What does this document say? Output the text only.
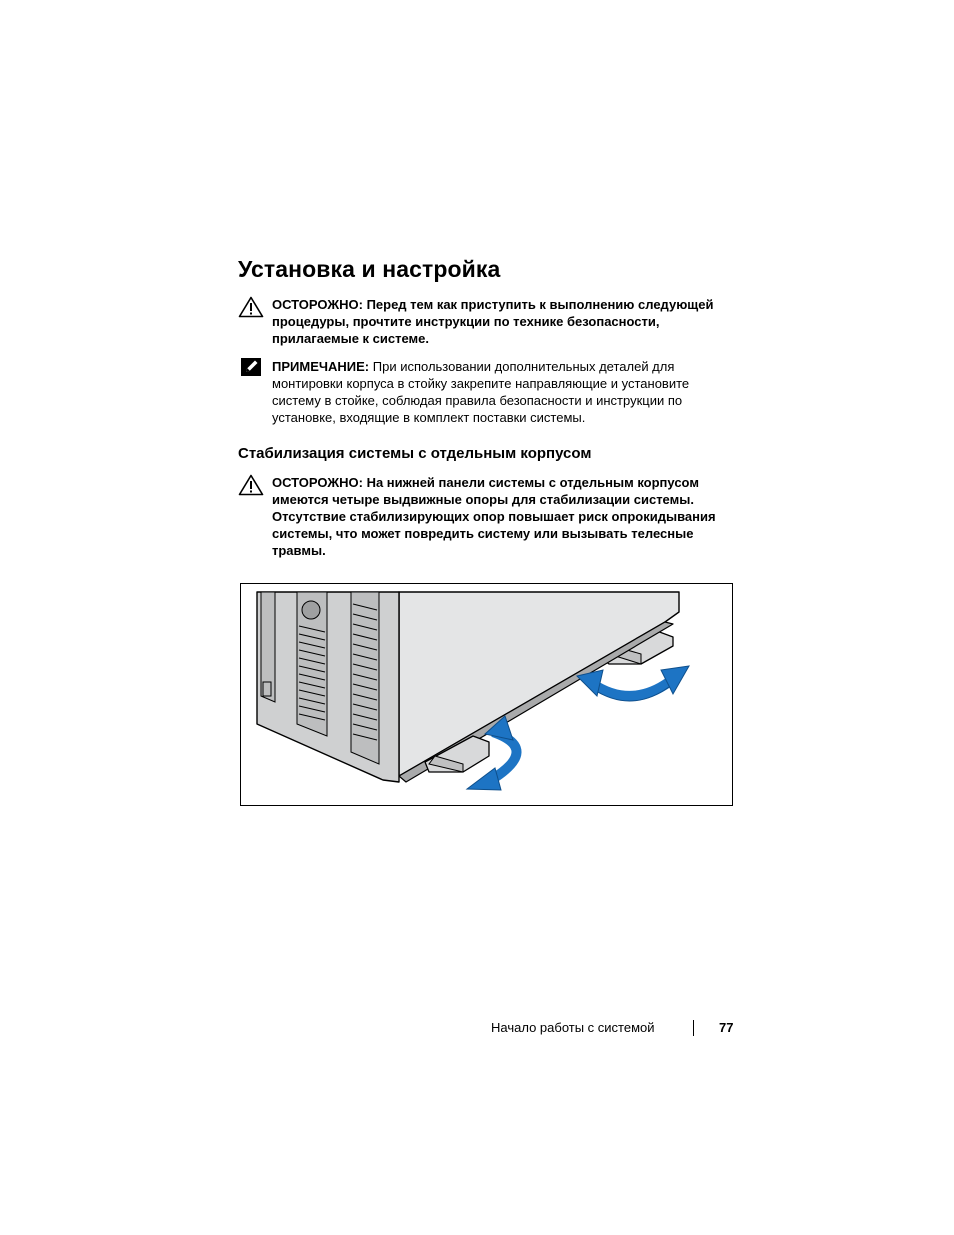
Установка и настройка
ОСТОРОЖНО: Перед тем как приступить к выполнению следующей процедуры, прочтите инструкции по технике безопасности, прилагаемые к системе.
ПРИМЕЧАНИЕ: При использовании дополнительных деталей для монтировки корпуса в стойку закрепите направляющие и установите систему в стойке, соблюдая правила безопасности и инструкции по установке, входящие в комплект поставки системы.
Стабилизация системы с отдельным корпусом
ОСТОРОЖНО: На нижней панели системы с отдельным корпусом имеются четыре выдвижные опоры для стабилизации системы. Отсутствие стабилизирующих опор повышает риск опрокидывания системы, что может повредить систему или вызывать телесные травмы.
Начало работы с системой	77
